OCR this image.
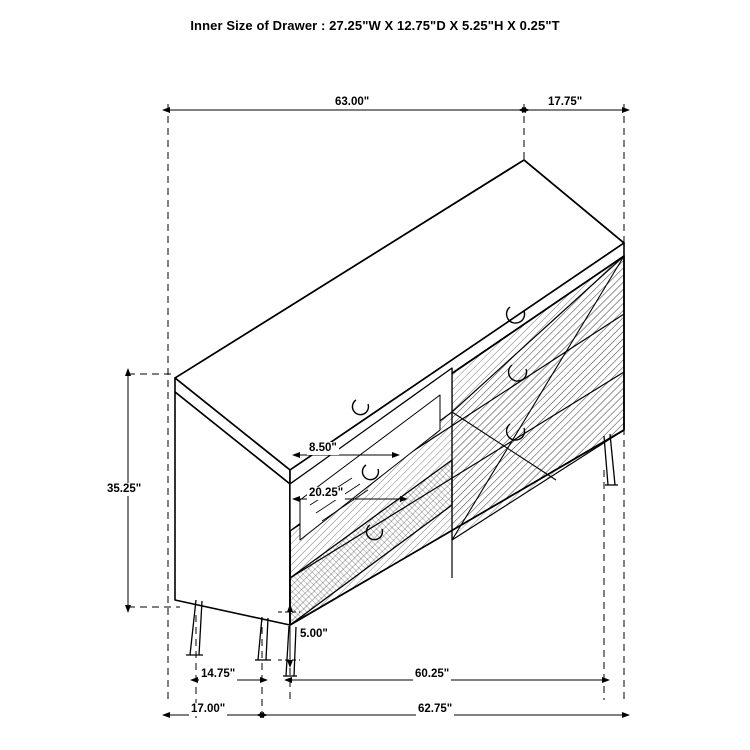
Inner Size of Drawer : 27.25"W X 12.75"D X 5.25"H X 0.25"T
63.00"	17.75"
35.25"
8.50"
20.25"
5.00"
14.75"	60.25"
17.00"	62.75"
